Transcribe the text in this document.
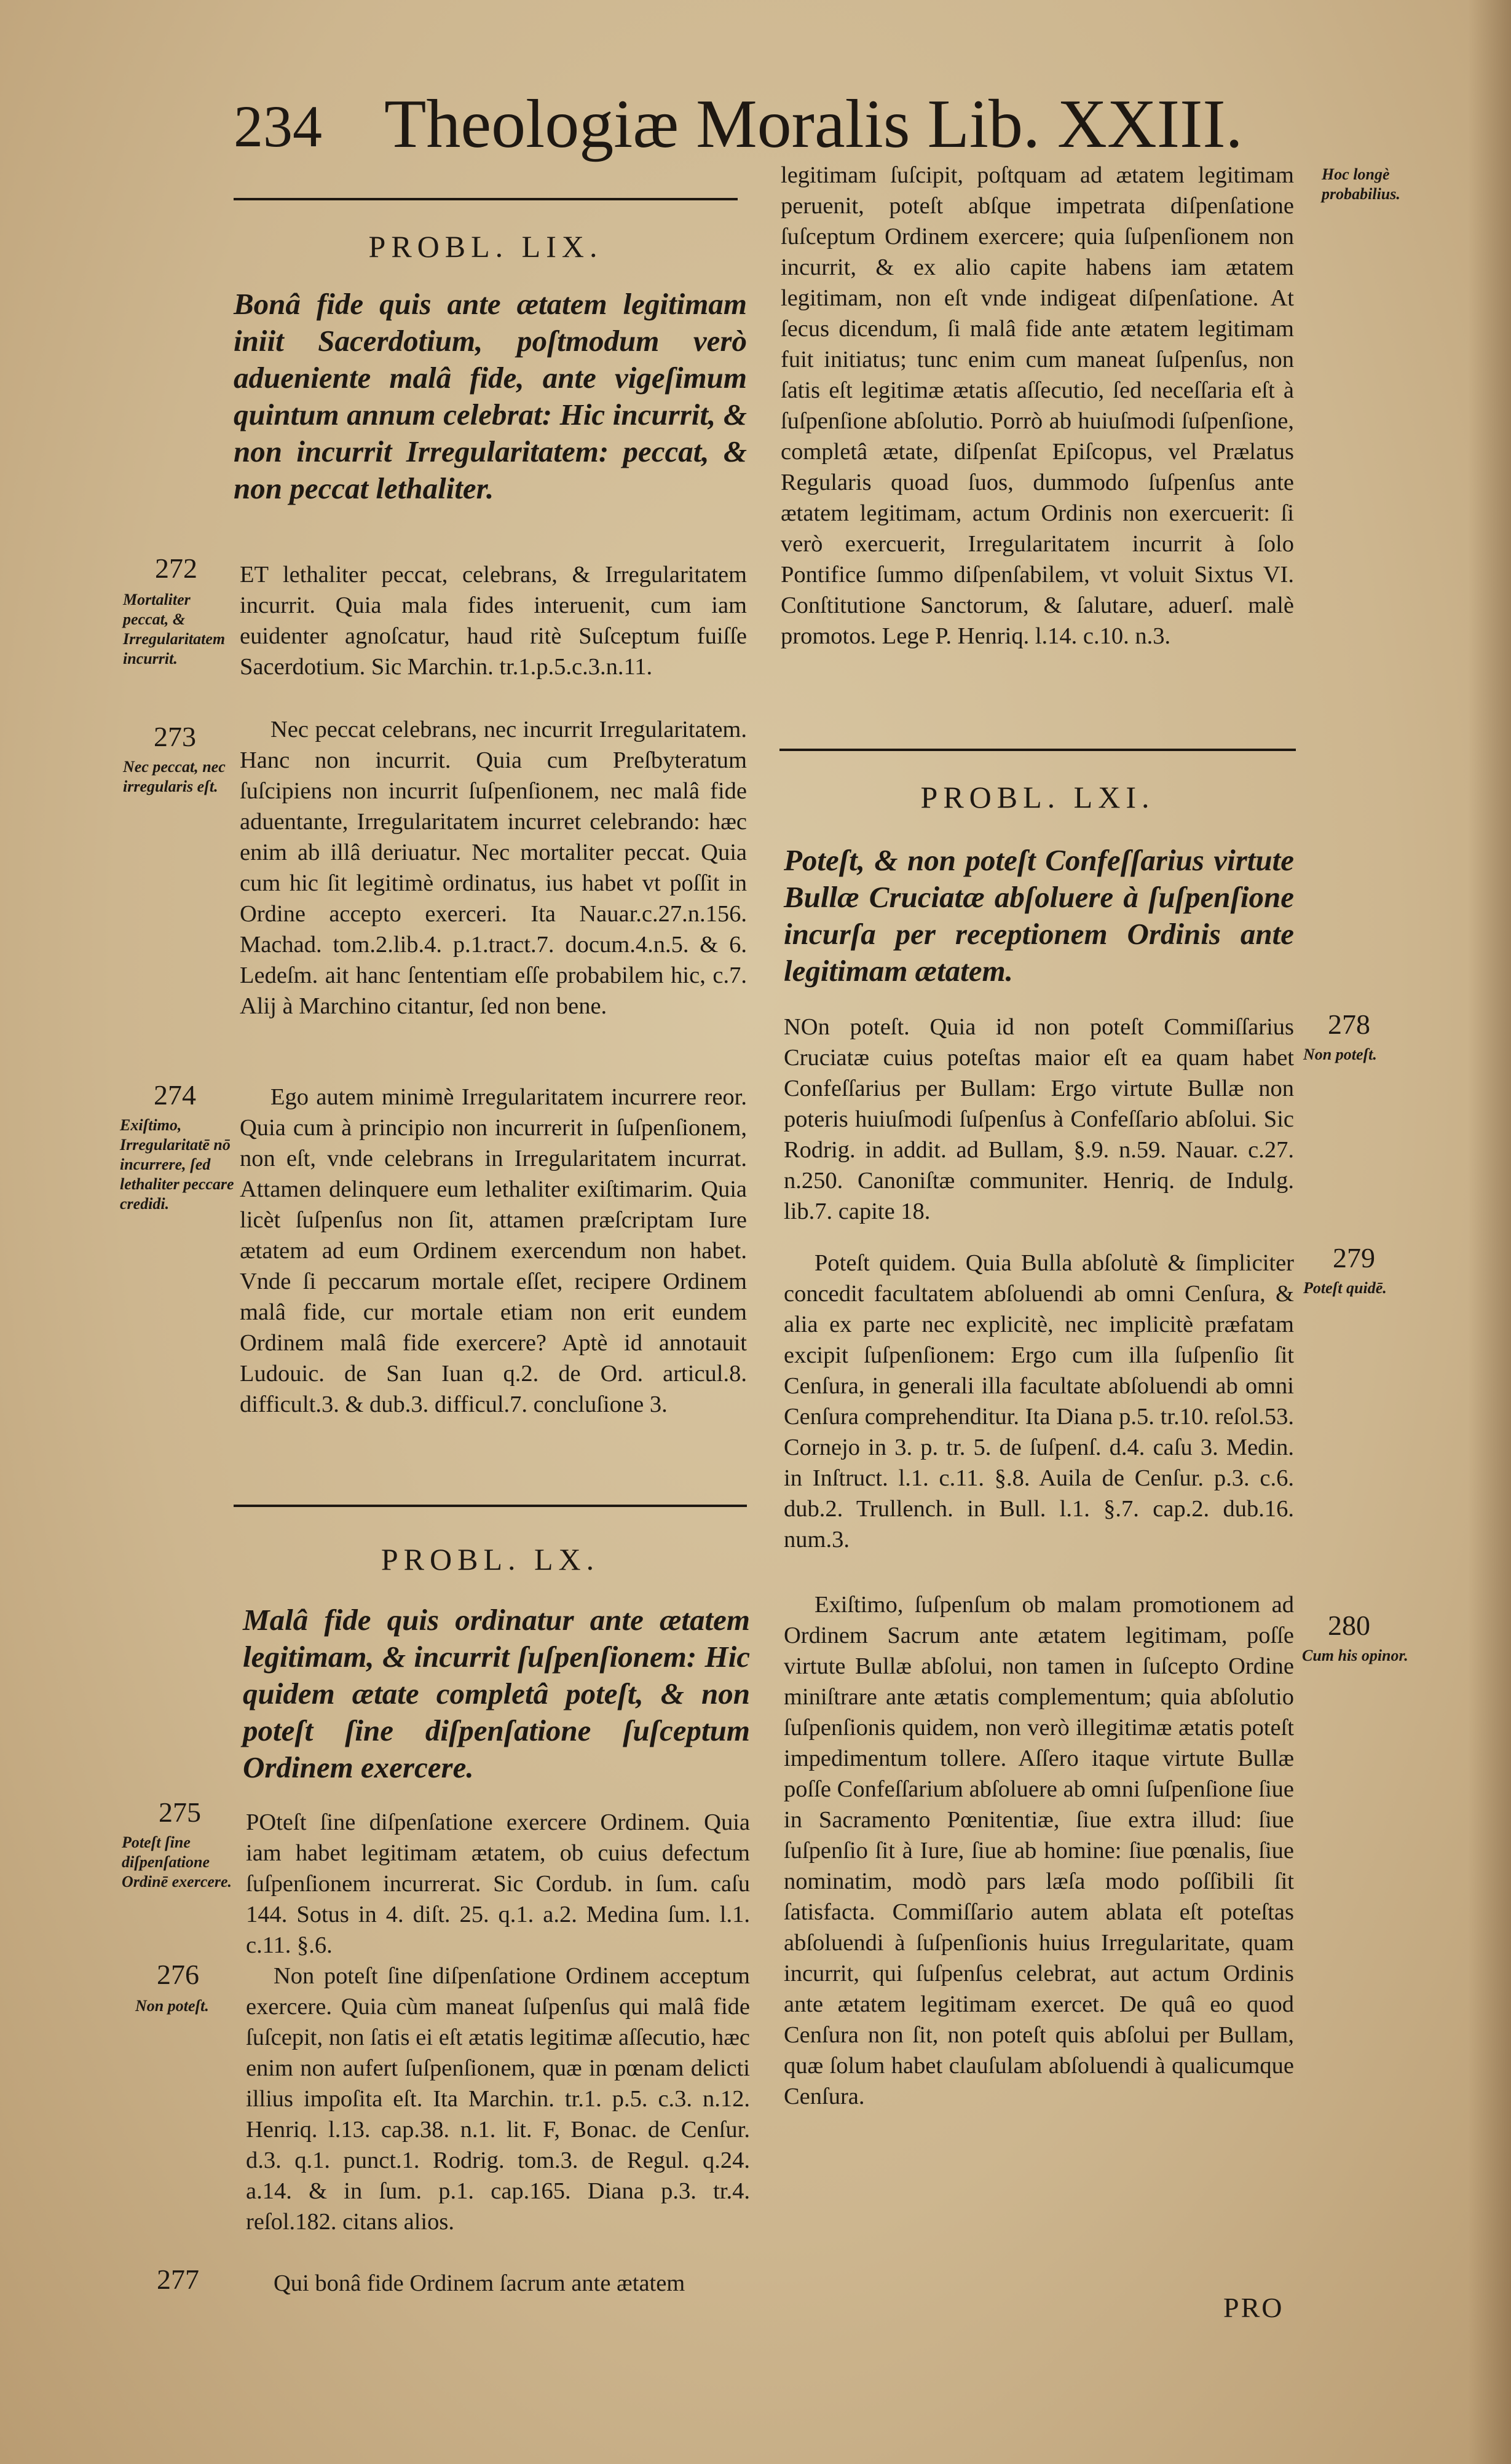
234 Theologiæ Moralis Lib. XXIII.
PROBL. LIX.
Bonâ fide quis ante ætatem legitimam iniit Sacerdotium, poſtmodum verò adueniente malâ fide, ante vigeſimum quintum annum celebrat: Hic incurrit, & non incurrit Irregularitatem: peccat, & non peccat lethaliter.
272
Mortaliter peccat, & Irregularitatem incurrit.
ET lethaliter peccat, celebrans, & Irregularitatem incurrit. Quia mala fides interuenit, cum iam euidenter agnoſcatur, haud ritè Suſceptum fuiſſe Sacerdotium. Sic Marchin. tr.1.p.5.c.3.n.11.
273
Nec peccat, nec irregularis eſt.
Nec peccat celebrans, nec incurrit Irregularitatem. Hanc non incurrit. Quia cum Preſbyteratum ſuſcipiens non incurrit ſuſpenſionem, nec malâ fide aduentante, Irregularitatem incurret celebrando: hæc enim ab illâ deriuatur. Nec mortaliter peccat. Quia cum hic ſit legitimè ordinatus, ius habet vt poſſit in Ordine accepto exerceri. Ita Nauar.c.27.n.156. Machad. tom.2.lib.4. p.1.tract.7. docum.4.n.5. & 6. Ledeſm. ait hanc ſententiam eſſe probabilem hic, c.7. Alij à Marchino citantur, ſed non bene.
274
Exiſtimo, Irregularitatē nō incurrere, ſed lethaliter peccare credidi.
Ego autem minimè Irregularitatem incurrere reor. Quia cum à principio non incurrerit in ſuſpenſionem, non eſt, vnde celebrans in Irregularitatem incurrat. Attamen delinquere eum lethaliter exiſtimarim. Quia licèt ſuſpenſus non ſit, attamen præſcriptam Iure ætatem ad eum Ordinem exercendum non habet. Vnde ſi peccarum mortale eſſet, recipere Ordinem malâ fide, cur mortale etiam non erit eundem Ordinem malâ fide exercere? Aptè id annotauit Ludouic. de San Iuan q.2. de Ord. articul.8. difficult.3. & dub.3. difficul.7. concluſione 3.
PROBL. LX.
Malâ fide quis ordinatur ante ætatem legitimam, & incurrit ſuſpenſionem: Hic quidem ætate completâ poteſt, & non poteſt ſine diſpenſatione ſuſceptum Ordinem exercere.
275
Poteſt ſine diſpenſatione Ordinē exercere.
POteſt ſine diſpenſatione exercere Ordinem. Quia iam habet legitimam ætatem, ob cuius defectum ſuſpenſionem incurrerat. Sic Cordub. in ſum. caſu 144. Sotus in 4. diſt. 25. q.1. a.2. Medina ſum. l.1. c.11. §.6.
276
Non poteſt.
Non poteſt ſine diſpenſatione Ordinem acceptum exercere. Quia cùm maneat ſuſpenſus qui malâ fide ſuſcepit, non ſatis ei eſt ætatis legitimæ aſſecutio, hæc enim non aufert ſuſpenſionem, quæ in pœnam delicti illius impoſita eſt. Ita Marchin. tr.1. p.5. c.3. n.12. Henriq. l.13. cap.38. n.1. lit. F, Bonac. de Cenſur. d.3. q.1. punct.1. Rodrig. tom.3. de Regul. q.24. a.14. & in ſum. p.1. cap.165. Diana p.3. tr.4. reſol.182. citans alios.
277	Qui bonâ fide Ordinem ſacrum ante ætatem
legitimam ſuſcipit, poſtquam ad ætatem legitimam peruenit, poteſt abſque impetrata diſpenſatione ſuſceptum Ordinem exercere; quia ſuſpenſionem non incurrit, & ex alio capite habens iam ætatem legitimam, non eſt vnde indigeat diſpenſatione. At ſecus dicendum, ſi malâ fide ante ætatem legitimam fuit initiatus; tunc enim cum maneat ſuſpenſus, non ſatis eſt legitimæ ætatis aſſecutio, ſed neceſſaria eſt à ſuſpenſione abſolutio. Porrò ab huiuſmodi ſuſpenſione, completâ ætate, diſpenſat Epiſcopus, vel Prælatus Regularis quoad ſuos, dummodo ſuſpenſus ante ætatem legitimam, actum Ordinis non exercuerit: ſi verò exercuerit, Irregularitatem incurrit à ſolo Pontifice ſummo diſpenſabilem, vt voluit Sixtus VI. Conſtitutione Sanctorum, & ſalutare, aduerſ. malè promotos. Lege P. Henriq. l.14. c.10. n.3.
Hoc longè probabilius.
PROBL. LXI.
Poteſt, & non poteſt Confeſſarius virtute Bullæ Cruciatæ abſoluere à ſuſpenſione incurſa per receptionem Ordinis ante legitimam ætatem.
278
Non poteſt.
NOn poteſt. Quia id non poteſt Commiſſarius Cruciatæ cuius poteſtas maior eſt ea quam habet Confeſſarius per Bullam: Ergo virtute Bullæ non poteris huiuſmodi ſuſpenſus à Confeſſario abſolui. Sic Rodrig. in addit. ad Bullam, §.9. n.59. Nauar. c.27. n.250. Canoniſtæ communiter. Henriq. de Indulg. lib.7. capite 18.
279
Poteſt quidē.
Poteſt quidem. Quia Bulla abſolutè & ſimpliciter concedit facultatem abſoluendi ab omni Cenſura, & alia ex parte nec explicitè, nec implicitè præfatam excipit ſuſpenſionem: Ergo cum illa ſuſpenſio ſit Cenſura, in generali illa facultate abſoluendi ab omni Cenſura comprehenditur. Ita Diana p.5. tr.10. reſol.53. Cornejo in 3. p. tr. 5. de ſuſpenſ. d.4. caſu 3. Medin. in Inſtruct. l.1. c.11. §.8. Auila de Cenſur. p.3. c.6. dub.2. Trullench. in Bull. l.1. §.7. cap.2. dub.16. num.3.
280
Cum his opinor.
Exiſtimo, ſuſpenſum ob malam promotionem ad Ordinem Sacrum ante ætatem legitimam, poſſe virtute Bullæ abſolui, non tamen in ſuſcepto Ordine miniſtrare ante ætatis complementum; quia abſolutio ſuſpenſionis quidem, non verò illegitimæ ætatis poteſt impedimentum tollere. Aſſero itaque virtute Bullæ poſſe Confeſſarium abſoluere ab omni ſuſpenſione ſiue in Sacramento Pœnitentiæ, ſiue extra illud: ſiue ſuſpenſio ſit à Iure, ſiue ab homine: ſiue pœnalis, ſiue nominatim, modò pars læſa modo poſſibili ſit ſatisfacta. Commiſſario autem ablata eſt poteſtas abſoluendi à ſuſpenſionis huius Irregularitate, quam incurrit, qui ſuſpenſus celebrat, aut actum Ordinis ante ætatem legitimam exercet. De quâ eo quod Cenſura non ſit, non poteſt quis abſolui per Bullam, quæ ſolum habet clauſulam abſoluendi à qualicumque Cenſura.
PRO
